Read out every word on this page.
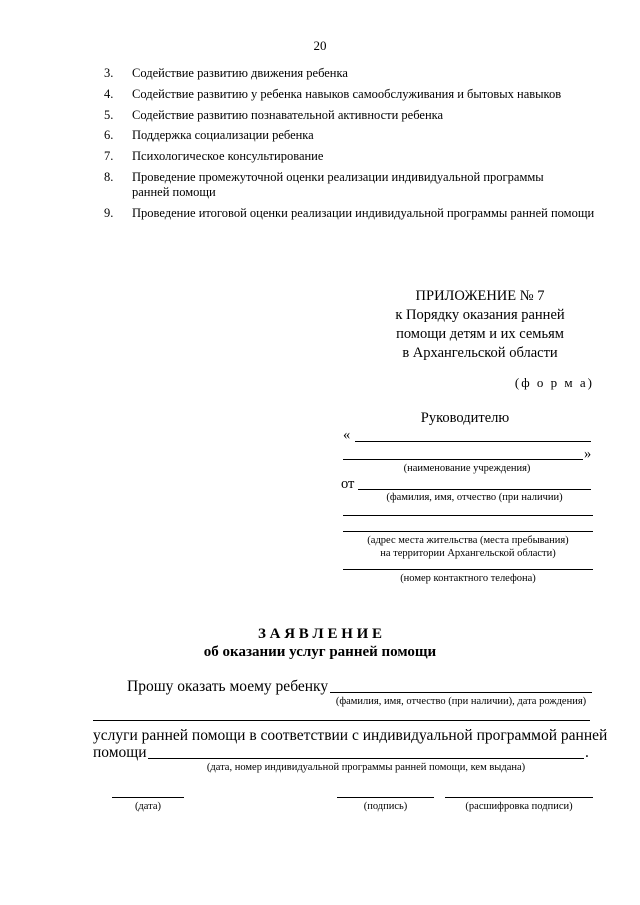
20
3.	Содействие развитию движения ребенка
4.	Содействие развитию у ребенка навыков самообслуживания и бытовых навыков
5.	Содействие развитию познавательной активности ребенка
6.	Поддержка социализации ребенка
7.	Психологическое консультирование
8.	Проведение промежуточной оценки реализации индивидуальной программы ранней помощи
9.	Проведение итоговой оценки реализации индивидуальной программы ранней помощи
ПРИЛОЖЕНИЕ № 7
к Порядку оказания ранней
помощи детям и их семьям
в Архангельской области
(ф о р м а)
Руководителю
«
»
(наименование учреждения)
от
(фамилия, имя, отчество (при наличии)
(адрес места жительства (места пребывания)
на территории Архангельской области)
(номер контактного телефона)
З А Я В Л Е Н И Е
об оказании услуг ранней помощи
Прошу оказать моему ребенку
(фамилия, имя, отчество (при наличии), дата рождения)
услуги ранней помощи в соответствии с индивидуальной программой ранней
помощи	.
(дата, номер индивидуальной программы ранней помощи, кем выдана)
(дата)	(подпись)	(расшифровка подписи)
